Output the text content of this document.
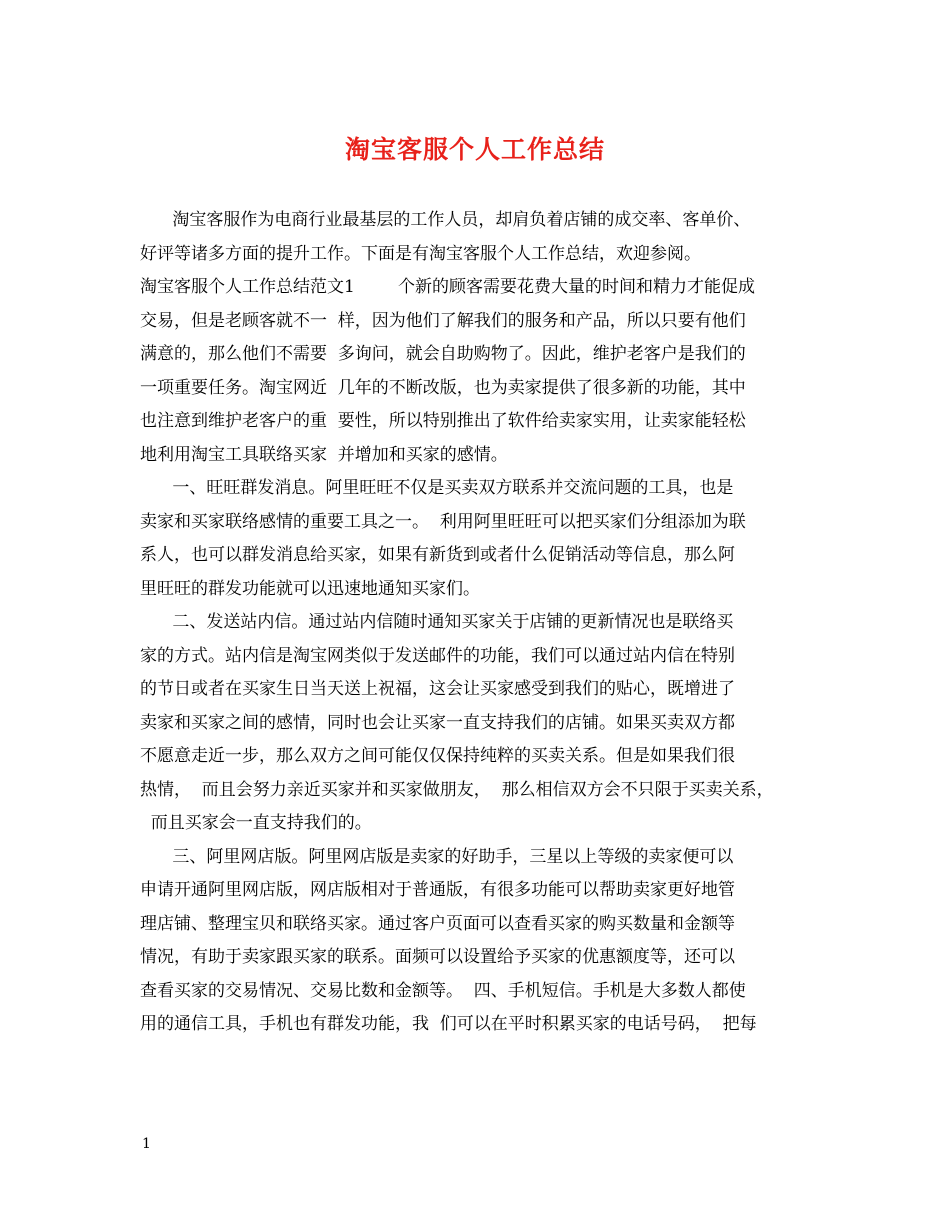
淘宝客服个人工作总结
淘宝客服作为电商行业最基层的工作人员，却肩负着店铺的成交率、客单价、
好评等诸多方面的提升工作。下面是有淘宝客服个人工作总结，欢迎参阅。
淘宝客服个人工作总结范文1        个新的顾客需要花费大量的时间和精力才能促成
交易，但是老顾客就不一  样，因为他们了解我们的服务和产品，所以只要有他们
满意的，那么他们不需要  多询问，就会自助购物了。因此，维护老客户是我们的
一项重要任务。淘宝网近  几年的不断改版，也为卖家提供了很多新的功能，其中
也注意到维护老客户的重  要性，所以特别推出了软件给卖家实用，让卖家能轻松
地利用淘宝工具联络买家  并增加和买家的感情。
一、旺旺群发消息。阿里旺旺不仅是买卖双方联系并交流问题的工具，也是
卖家和买家联络感情的重要工具之一。  利用阿里旺旺可以把买家们分组添加为联
系人，也可以群发消息给买家，如果有新货到或者什么促销活动等信息，那么阿
里旺旺的群发功能就可以迅速地通知买家们。
二、发送站内信。通过站内信随时通知买家关于店铺的更新情况也是联络买
家的方式。站内信是淘宝网类似于发送邮件的功能，我们可以通过站内信在特别
的节日或者在买家生日当天送上祝福，这会让买家感受到我们的贴心，既增进了
卖家和买家之间的感情，同时也会让买家一直支持我们的店铺。如果买卖双方都
不愿意走近一步，那么双方之间可能仅仅保持纯粹的买卖关系。但是如果我们很
热情，  而且会努力亲近买家并和买家做朋友，  那么相信双方会不只限于买卖关系，
而且买家会一直支持我们的。
三、阿里网店版。阿里网店版是卖家的好助手，三星以上等级的卖家便可以
申请开通阿里网店版，网店版相对于普通版，有很多功能可以帮助卖家更好地管
理店铺、整理宝贝和联络买家。通过客户页面可以查看买家的购买数量和金额等
情况，有助于卖家跟买家的联系。面频可以设置给予买家的优惠额度等，还可以
查看买家的交易情况、交易比数和金额等。  四、手机短信。手机是大多数人都使
用的通信工具，手机也有群发功能，我  们可以在平时积累买家的电话号码，  把每
1
